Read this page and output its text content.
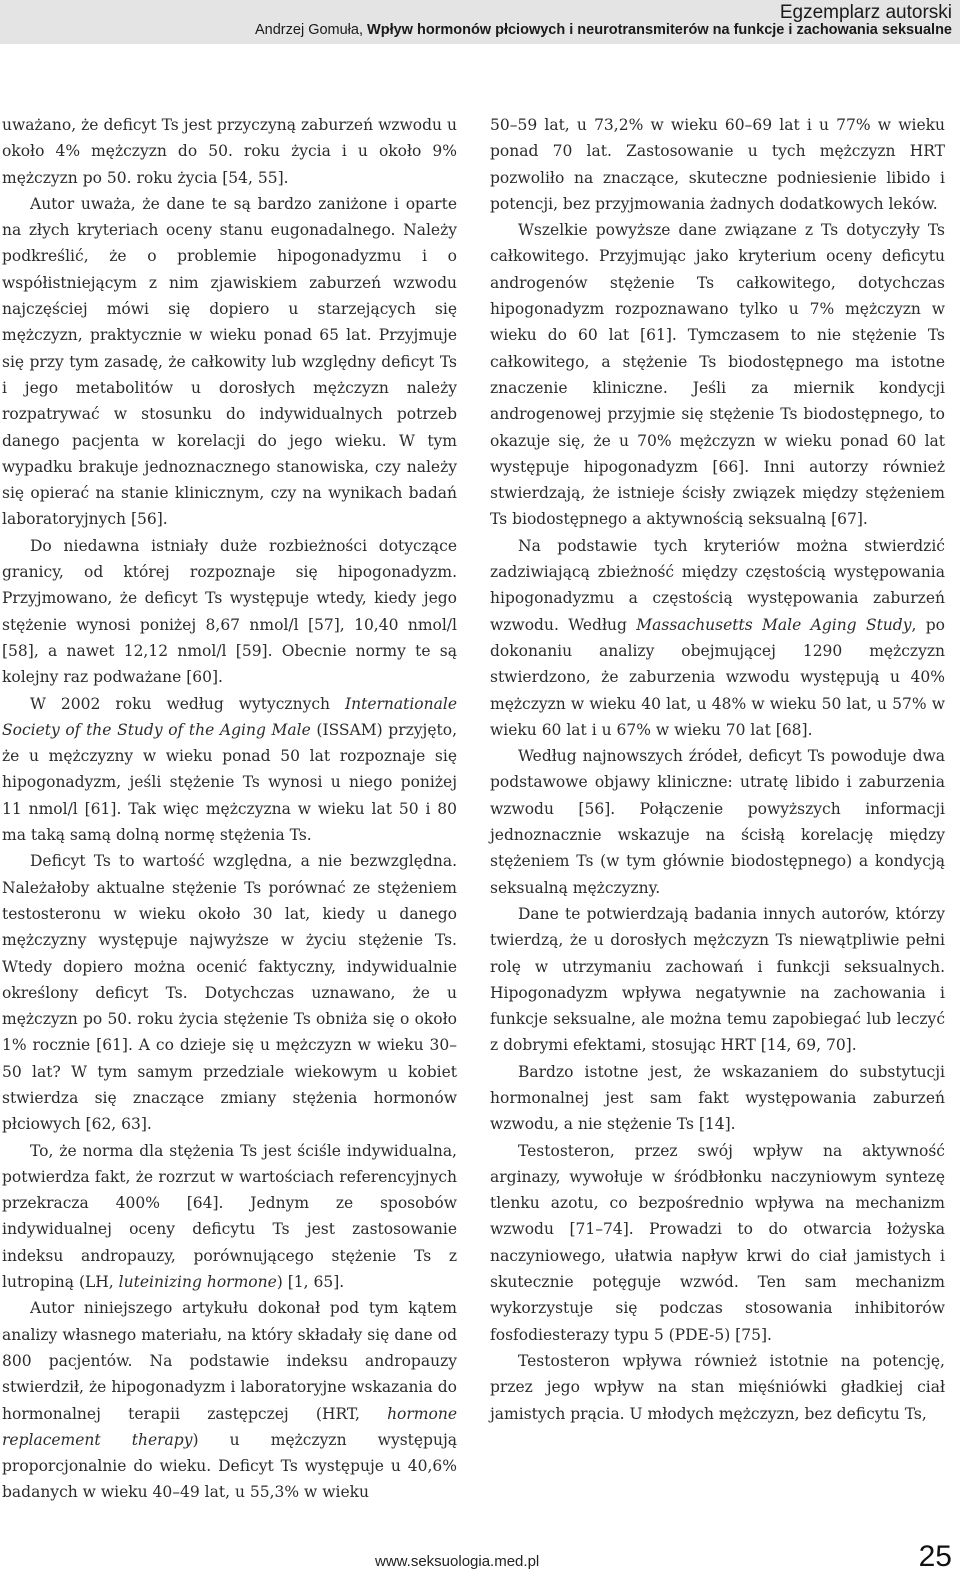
Egzemplarz autorski
Andrzej Gomuła, Wpływ hormonów płciowych i neurotransmiterów na funkcje i zachowania seksualne

uważano, że deficyt Ts jest przyczyną zaburzeń wzwodu u około 4% mężczyzn do 50. roku życia i u około 9% mężczyzn po 50. roku życia [54, 55].

Autor uważa, że dane te są bardzo zaniżone i oparte na złych kryteriach oceny stanu eugonadalnego. Należy podkreślić, że o problemie hipogonadyzmu i o współistniejącym z nim zjawiskiem zaburzeń wzwodu najczęściej mówi się dopiero u starzejących się mężczyzn, praktycznie w wieku ponad 65 lat. Przyjmuje się przy tym zasadę, że całkowity lub względny deficyt Ts i jego metabolitów u dorosłych mężczyzn należy rozpatrywać w stosunku do indywidualnych potrzeb danego pacjenta w korelacji do jego wieku. W tym wypadku brakuje jednoznacznego stanowiska, czy należy się opierać na stanie klinicznym, czy na wynikach badań laboratoryjnych [56].

Do niedawna istniały duże rozbieżności dotyczące granicy, od której rozpoznaje się hipogonadyzm. Przyjmowano, że deficyt Ts występuje wtedy, kiedy jego stężenie wynosi poniżej 8,67 nmol/l [57], 10,40 nmol/l [58], a nawet 12,12 nmol/l [59]. Obecnie normy te są kolejny raz podważane [60].

W 2002 roku według wytycznych Internationale Society of the Study of the Aging Male (ISSAM) przyjęto, że u mężczyzny w wieku ponad 50 lat rozpoznaje się hipogonadyzm, jeśli stężenie Ts wynosi u niego poniżej 11 nmol/l [61]. Tak więc mężczyzna w wieku lat 50 i 80 ma taką samą dolną normę stężenia Ts.

Deficyt Ts to wartość względna, a nie bezwzględna. Należałoby aktualne stężenie Ts porównać ze stężeniem testosteronu w wieku około 30 lat, kiedy u danego mężczyzny występuje najwyższe w życiu stężenie Ts. Wtedy dopiero można ocenić faktyczny, indywidualnie określony deficyt Ts. Dotychczas uznawano, że u mężczyzn po 50. roku życia stężenie Ts obniża się o około 1% rocznie [61]. A co dzieje się u mężczyzn w wieku 30–50 lat? W tym samym przedziale wiekowym u kobiet stwierdza się znaczące zmiany stężenia hormonów płciowych [62, 63].

To, że norma dla stężenia Ts jest ściśle indywidualna, potwierdza fakt, że rozrzut w wartościach referencyjnych przekracza 400% [64]. Jednym ze sposobów indywidualnej oceny deficytu Ts jest zastosowanie indeksu andropauzy, porównującego stężenie Ts z lutropiną (LH, luteinizing hormone) [1, 65].

Autor niniejszego artykułu dokonał pod tym kątem analizy własnego materiału, na który składały się dane od 800 pacjentów. Na podstawie indeksu andropauzy stwierdził, że hipogonadyzm i laboratoryjne wskazania do hormonalnej terapii zastępczej (HRT, hormone replacement therapy) u mężczyzn występują proporcjonalnie do wieku. Deficyt Ts występuje u 40,6% badanych w wieku 40–49 lat, u 55,3% w wieku

50–59 lat, u 73,2% w wieku 60–69 lat i u 77% w wieku ponad 70 lat. Zastosowanie u tych mężczyzn HRT pozwoliło na znaczące, skuteczne podniesienie libido i potencji, bez przyjmowania żadnych dodatkowych leków.

Wszelkie powyższe dane związane z Ts dotyczyły Ts całkowitego. Przyjmując jako kryterium oceny deficytu androgenów stężenie Ts całkowitego, dotychczas hipogonadyzm rozpoznawano tylko u 7% mężczyzn w wieku do 60 lat [61]. Tymczasem to nie stężenie Ts całkowitego, a stężenie Ts biodostępnego ma istotne znaczenie kliniczne. Jeśli za miernik kondycji androgenowej przyjmie się stężenie Ts biodostępnego, to okazuje się, że u 70% mężczyzn w wieku ponad 60 lat występuje hipogonadyzm [66]. Inni autorzy również stwierdzają, że istnieje ścisły związek między stężeniem Ts biodostępnego a aktywnością seksualną [67].

Na podstawie tych kryteriów można stwierdzić zadziwiającą zbieżność między częstością występowania hipogonadyzmu a częstością występowania zaburzeń wzwodu. Według Massachusetts Male Aging Study, po dokonaniu analizy obejmującej 1290 mężczyzn stwierdzono, że zaburzenia wzwodu występują u 40% mężczyzn w wieku 40 lat, u 48% w wieku 50 lat, u 57% w wieku 60 lat i u 67% w wieku 70 lat [68].

Według najnowszych źródeł, deficyt Ts powoduje dwa podstawowe objawy kliniczne: utratę libido i zaburzenia wzwodu [56]. Połączenie powyższych informacji jednoznacznie wskazuje na ścisłą korelację między stężeniem Ts (w tym głównie biodostępnego) a kondycją seksualną mężczyzny.

Dane te potwierdzają badania innych autorów, którzy twierdzą, że u dorosłych mężczyzn Ts niewątpliwie pełni rolę w utrzymaniu zachowań i funkcji seksualnych. Hipogonadyzm wpływa negatywnie na zachowania i funkcje seksualne, ale można temu zapobiegać lub leczyć z dobrymi efektami, stosując HRT [14, 69, 70].

Bardzo istotne jest, że wskazaniem do substytucji hormonalnej jest sam fakt występowania zaburzeń wzwodu, a nie stężenie Ts [14].

Testosteron, przez swój wpływ na aktywność arginazy, wywołuje w śródbłonku naczyniowym syntezę tlenku azotu, co bezpośrednio wpływa na mechanizm wzwodu [71–74]. Prowadzi to do otwarcia łożyska naczyniowego, ułatwia napływ krwi do ciał jamistych i skutecznie potęguje wzwód. Ten sam mechanizm wykorzystuje się podczas stosowania inhibitorów fosfodiesterazy typu 5 (PDE-5) [75].

Testosteron wpływa również istotnie na potencję, przez jego wpływ na stan mięśniówki gładkiej ciał jamistych prącia. U młodych mężczyzn, bez deficytu Ts,

www.seksuologia.med.pl	25
